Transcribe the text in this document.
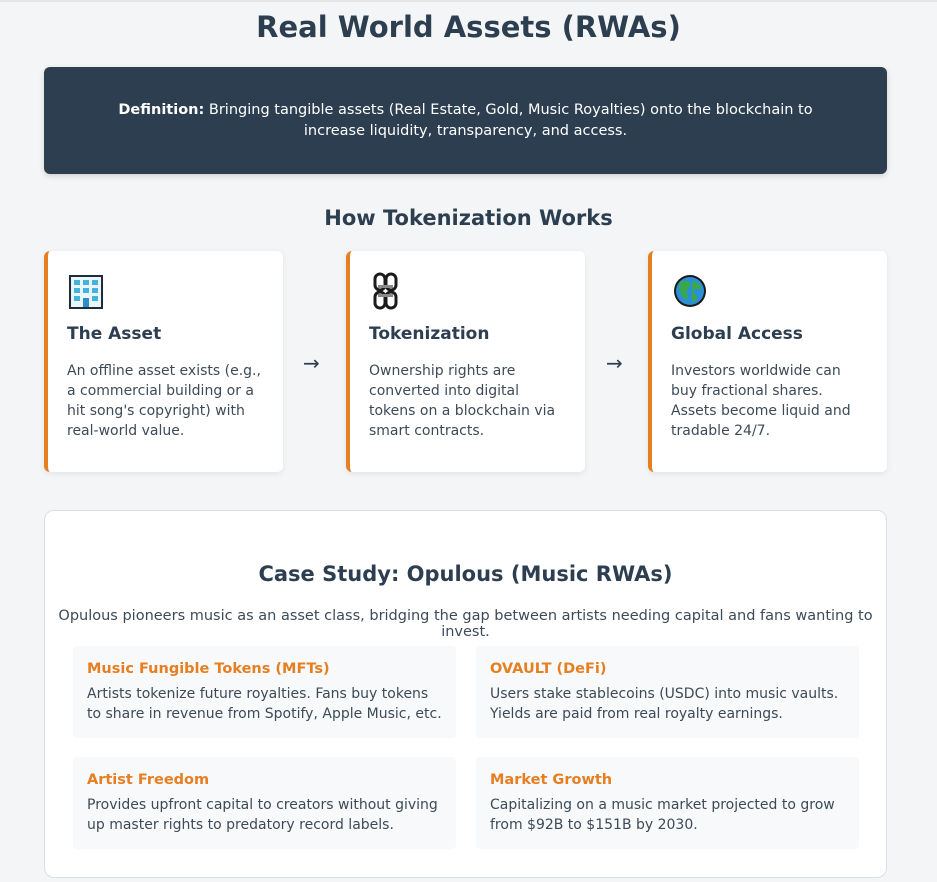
Real World Assets (RWAs)
Definition: Bringing tangible assets (Real Estate, Gold, Music Royalties) onto the blockchain to increase liquidity, transparency, and access.
How Tokenization Works
The Asset
An offline asset exists (e.g., a commercial building or a hit song's copyright) with real-world value.
→
Tokenization
Ownership rights are converted into digital tokens on a blockchain via smart contracts.
→
Global Access
Investors worldwide can buy fractional shares. Assets become liquid and tradable 24/7.
Case Study: Opulous (Music RWAs)
Opulous pioneers music as an asset class, bridging the gap between artists needing capital and fans wanting to invest.
Music Fungible Tokens (MFTs)
Artists tokenize future royalties. Fans buy tokens to share in revenue from Spotify, Apple Music, etc.
OVAULT (DeFi)
Users stake stablecoins (USDC) into music vaults. Yields are paid from real royalty earnings.
Artist Freedom
Provides upfront capital to creators without giving up master rights to predatory record labels.
Market Growth
Capitalizing on a music market projected to grow from $92B to $151B by 2030.
